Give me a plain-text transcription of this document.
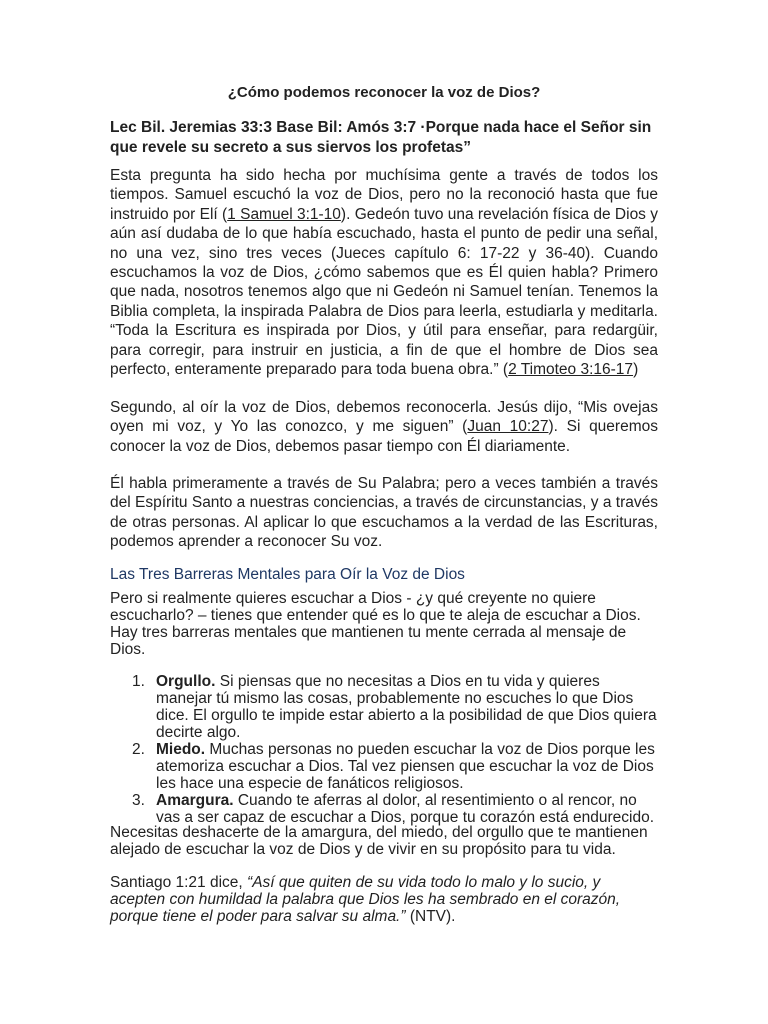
¿Cómo podemos reconocer la voz de Dios?
Lec Bil. Jeremias 33:3 Base Bil: Amós 3:7 ·Porque nada hace el Señor sin que revele su secreto a sus siervos los profetas”

Esta pregunta ha sido hecha por muchísima gente a través de todos los tiempos. Samuel escuchó la voz de Dios, pero no la reconoció hasta que fue instruido por Elí (1 Samuel 3:1-10). Gedeón tuvo una revelación física de Dios y aún así dudaba de lo que había escuchado, hasta el punto de pedir una señal, no una vez, sino tres veces (Jueces capítulo 6: 17-22 y 36-40). Cuando escuchamos la voz de Dios, ¿cómo sabemos que es Él quien habla? Primero que nada, nosotros tenemos algo que ni Gedeón ni Samuel tenían. Tenemos la Biblia completa, la inspirada Palabra de Dios para leerla, estudiarla y meditarla. “Toda la Escritura es inspirada por Dios, y útil para enseñar, para redargüir, para corregir, para instruir en justicia, a fin de que el hombre de Dios sea perfecto, enteramente preparado para toda buena obra.” (2 Timoteo 3:16-17)

Segundo, al oír la voz de Dios, debemos reconocerla. Jesús dijo, “Mis ovejas oyen mi voz, y Yo las conozco, y me siguen” (Juan 10:27). Si queremos conocer la voz de Dios, debemos pasar tiempo con Él diariamente.

Él habla primeramente a través de Su Palabra; pero a veces también a través del Espíritu Santo a nuestras conciencias, a través de circunstancias, y a través de otras personas. Al aplicar lo que escuchamos a la verdad de las Escrituras, podemos aprender a reconocer Su voz.

Las Tres Barreras Mentales para Oír la Voz de Dios

Pero si realmente quieres escuchar a Dios - ¿y qué creyente no quiere escucharlo? – tienes que entender qué es lo que te aleja de escuchar a Dios. Hay tres barreras mentales que mantienen tu mente cerrada al mensaje de Dios.

1. Orgullo. Si piensas que no necesitas a Dios en tu vida y quieres manejar tú mismo las cosas, probablemente no escuches lo que Dios dice. El orgullo te impide estar abierto a la posibilidad de que Dios quiera decirte algo.
2. Miedo. Muchas personas no pueden escuchar la voz de Dios porque les atemoriza escuchar a Dios. Tal vez piensen que escuchar la voz de Dios les hace una especie de fanáticos religiosos.
3. Amargura. Cuando te aferras al dolor, al resentimiento o al rencor, no vas a ser capaz de escuchar a Dios, porque tu corazón está endurecido.

Necesitas deshacerte de la amargura, del miedo, del orgullo que te mantienen alejado de escuchar la voz de Dios y de vivir en su propósito para tu vida.

Santiago 1:21 dice, “Así que quiten de su vida todo lo malo y lo sucio, y acepten con humildad la palabra que Dios les ha sembrado en el corazón, porque tiene el poder para salvar su alma.” (NTV).
